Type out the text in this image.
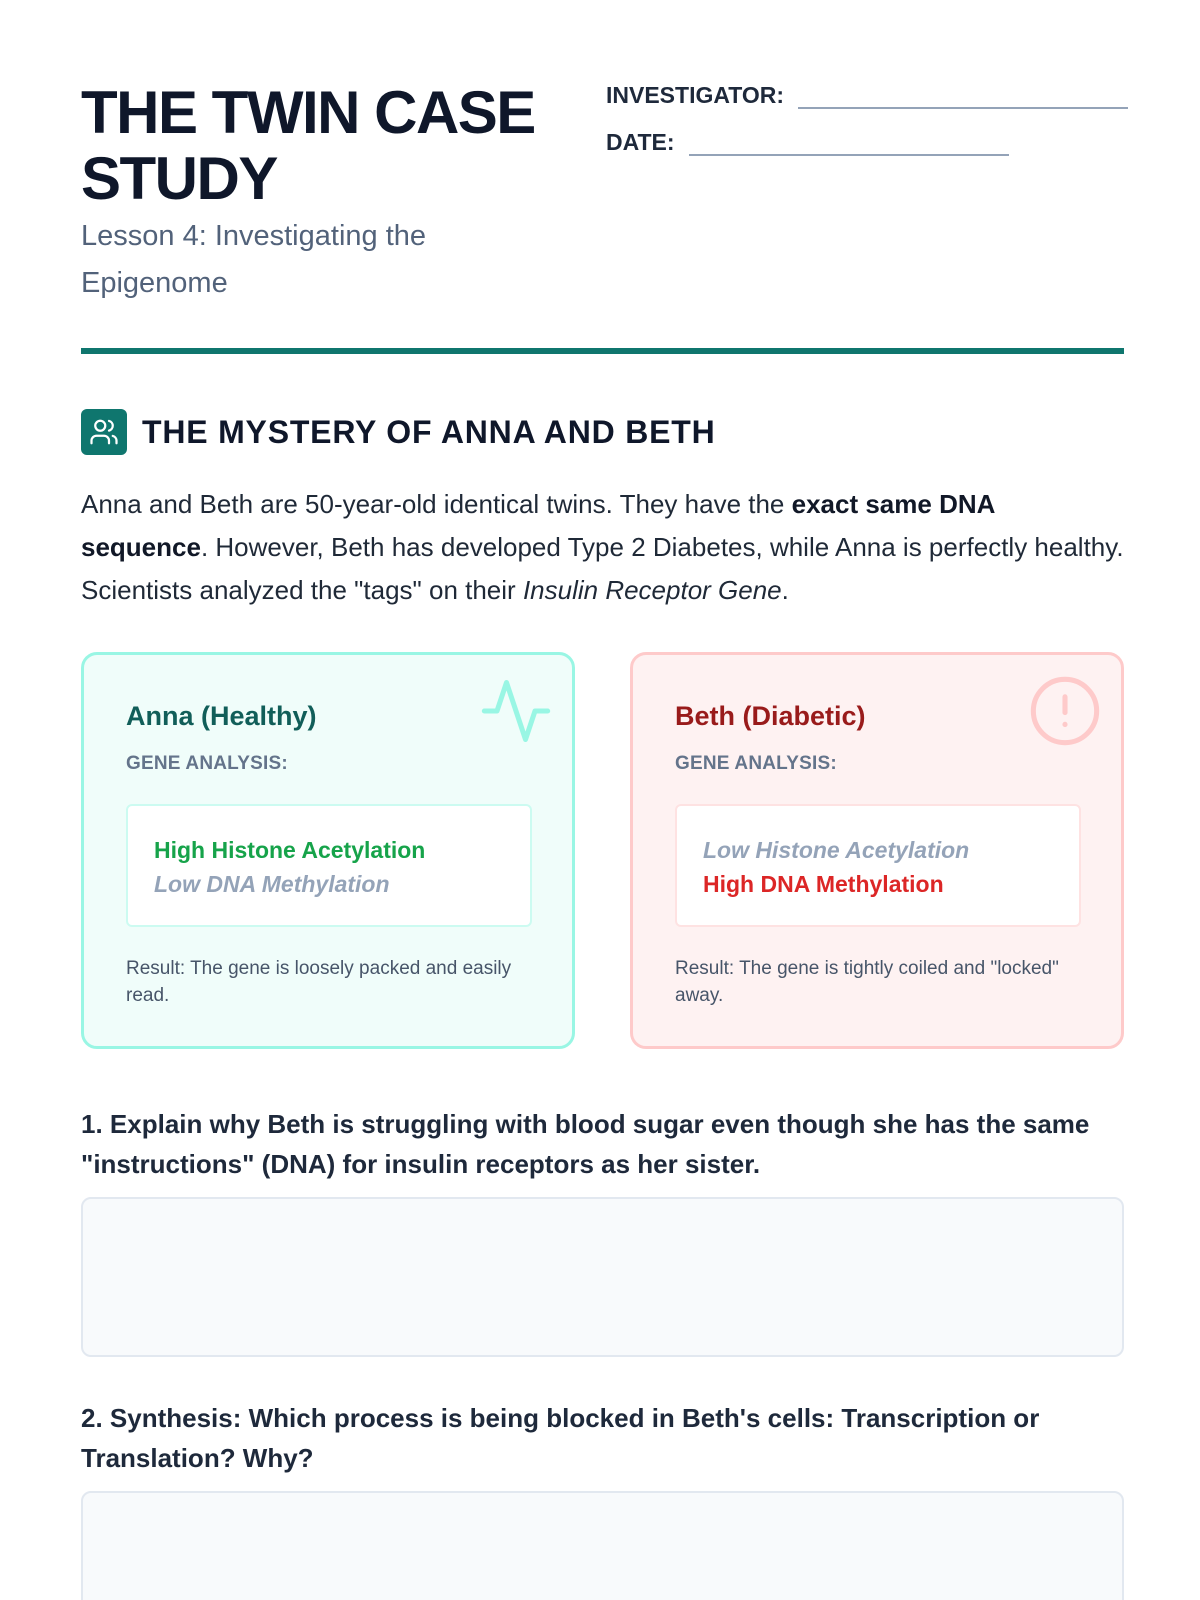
THE TWIN CASE STUDY
Lesson 4: Investigating the Epigenome
INVESTIGATOR:
DATE:
THE MYSTERY OF ANNA AND BETH

Anna and Beth are 50-year-old identical twins. They have the exact same DNA sequence. However, Beth has developed Type 2 Diabetes, while Anna is perfectly healthy. Scientists analyzed the "tags" on their Insulin Receptor Gene.

Anna (Healthy)
GENE ANALYSIS:
High Histone Acetylation
Low DNA Methylation
Result: The gene is loosely packed and easily read.
Beth (Diabetic)
GENE ANALYSIS:
Low Histone Acetylation
High DNA Methylation
Result: The gene is tightly coiled and "locked" away.
1. Explain why Beth is struggling with blood sugar even though she has the same "instructions" (DNA) for insulin receptors as her sister.
2. Synthesis: Which process is being blocked in Beth's cells: Transcription or Translation? Why?
